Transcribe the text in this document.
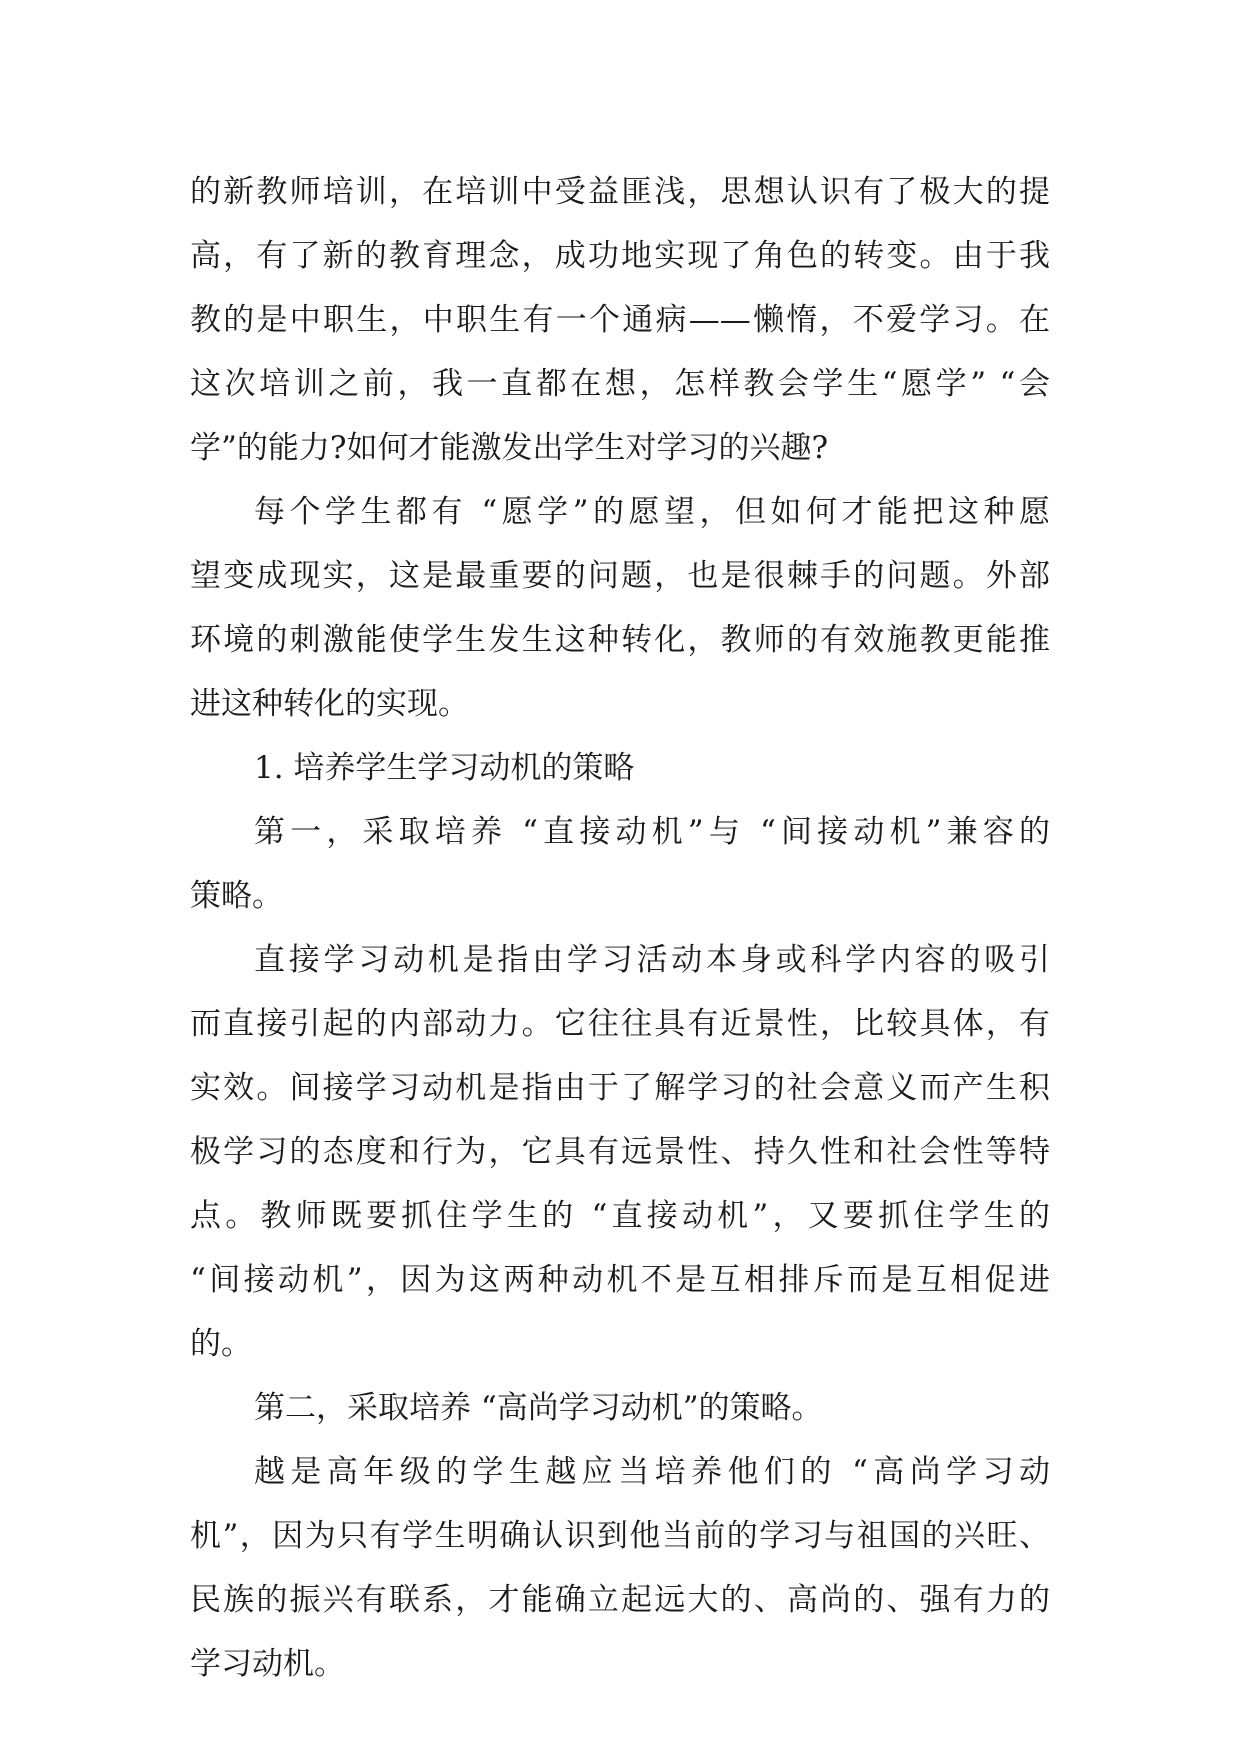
的新教师培训，在培训中受益匪浅，思想认识有了极大的提
高，有了新的教育理念，成功地实现了角色的转变。由于我
教的是中职生，中职生有一个通病——懒惰，不爱学习。在
这次培训之前，我一直都在想，怎样教会学生“愿学” “会
学”的能力?如何才能激发出学生对学习的兴趣?
每个学生都有 “愿学”的愿望，但如何才能把这种愿
望变成现实，这是最重要的问题，也是很棘手的问题。外部
环境的刺激能使学生发生这种转化，教师的有效施教更能推
进这种转化的实现。
1. 培养学生学习动机的策略
第一，采取培养 “直接动机”与 “间接动机”兼容的
策略。
直接学习动机是指由学习活动本身或科学内容的吸引
而直接引起的内部动力。它往往具有近景性，比较具体，有
实效。间接学习动机是指由于了解学习的社会意义而产生积
极学习的态度和行为，它具有远景性、持久性和社会性等特
点。教师既要抓住学生的 “直接动机”，又要抓住学生的
“间接动机”，因为这两种动机不是互相排斥而是互相促进
的。
第二，采取培养 “高尚学习动机”的策略。
越是高年级的学生越应当培养他们的 “高尚学习动
机”，因为只有学生明确认识到他当前的学习与祖国的兴旺、
民族的振兴有联系，才能确立起远大的、高尚的、强有力的
学习动机。
